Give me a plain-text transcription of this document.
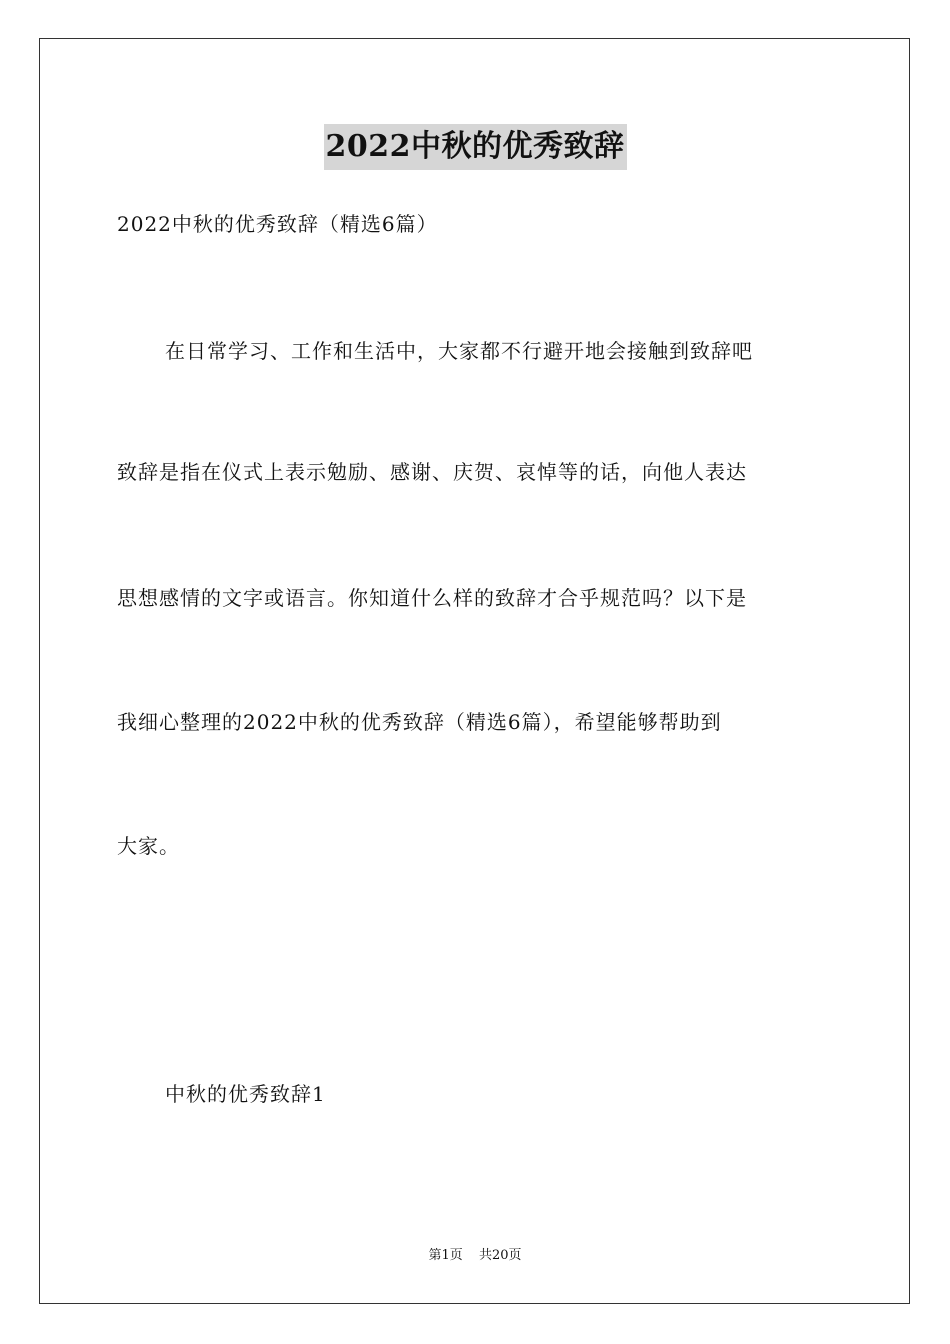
2022中秋的优秀致辞
2022中秋的优秀致辞（精选6篇）
在日常学习、工作和生活中，大家都不行避开地会接触到致辞吧
致辞是指在仪式上表示勉励、感谢、庆贺、哀悼等的话，向他人表达
思想感情的文字或语言。你知道什么样的致辞才合乎规范吗？以下是
我细心整理的2022中秋的优秀致辞（精选6篇），希望能够帮助到
大家。
中秋的优秀致辞1
第1页 共20页
